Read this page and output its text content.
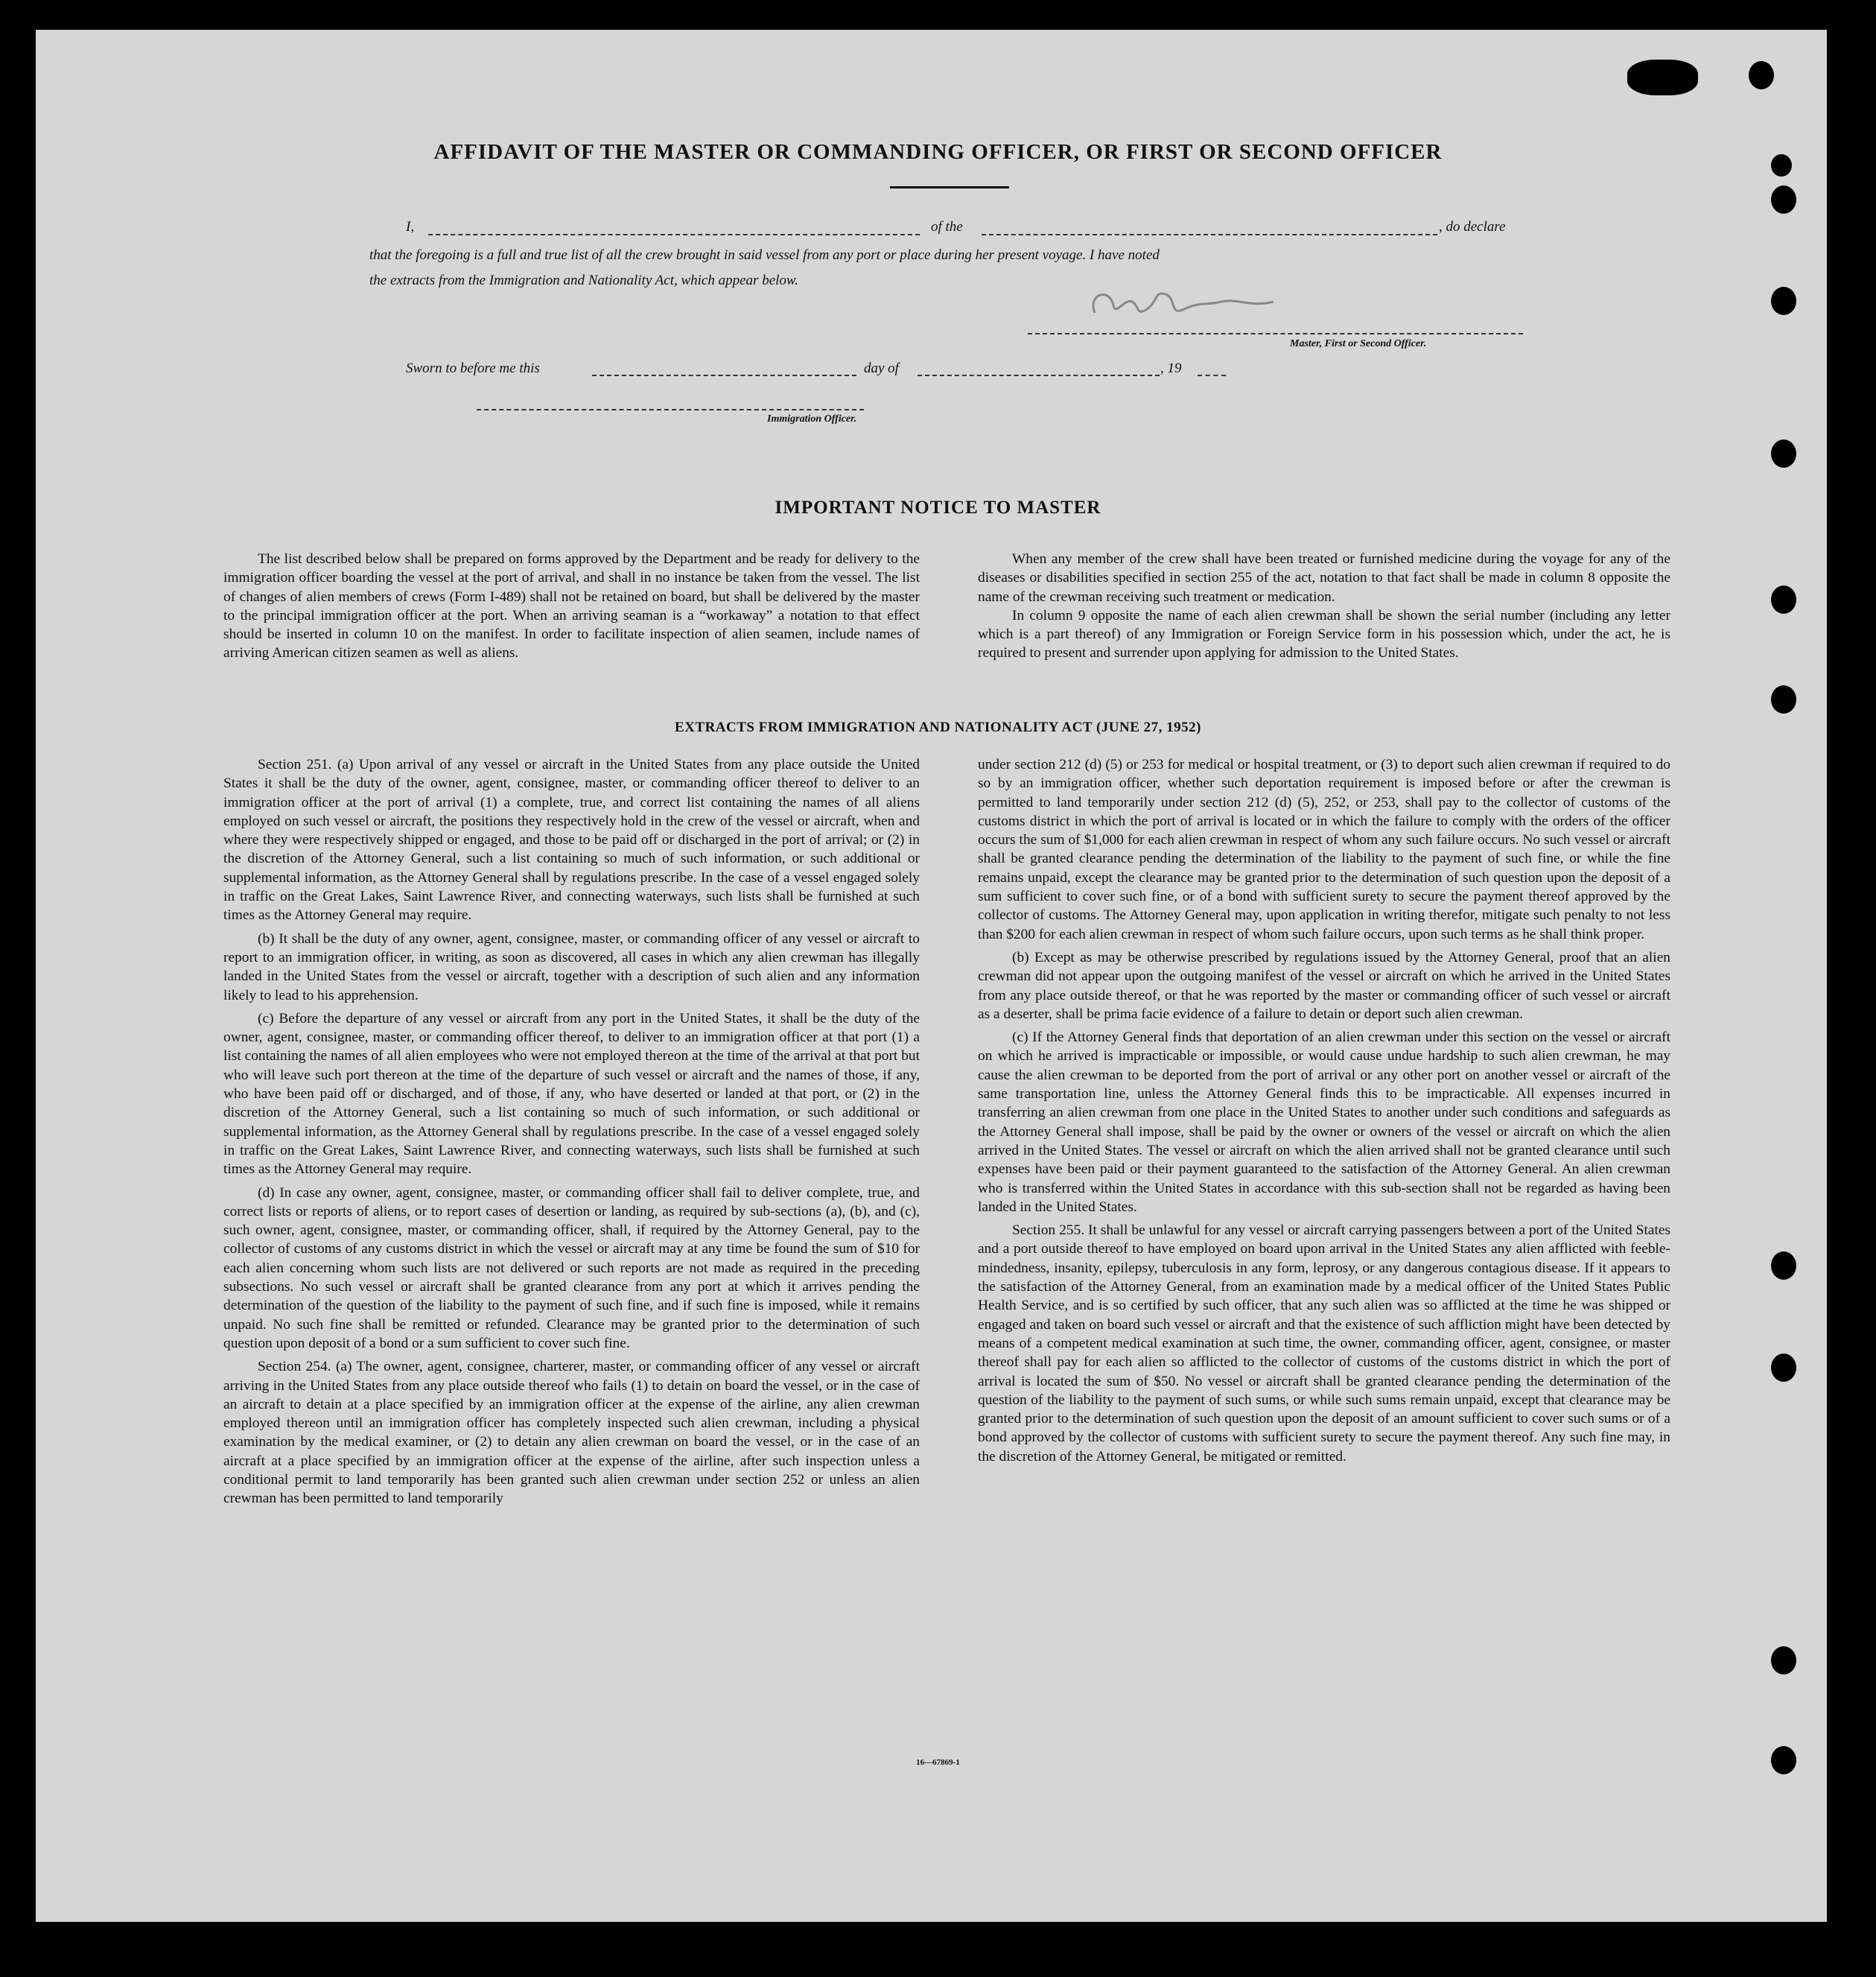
AFFIDAVIT OF THE MASTER OR COMMANDING OFFICER, OR FIRST OR SECOND OFFICER
I,	of the	, do declare
that the foregoing is a full and true list of all the crew brought in said vessel from any port or place during her present voyage. I have noted
the extracts from the Immigration and Nationality Act, which appear below.
Master, First or Second Officer.
Sworn to before me this	day of	, 19
Immigration Officer.
IMPORTANT NOTICE TO MASTER

The list described below shall be prepared on forms approved by the Department and be ready for delivery to the immigration officer boarding the vessel at the port of arrival, and shall in no instance be taken from the vessel. The list of changes of alien members of crews (Form I-489) shall not be retained on board, but shall be delivered by the master to the principal immigration officer at the port. When an arriving seaman is a “workaway” a notation to that effect should be inserted in column 10 on the manifest. In order to facilitate inspection of alien seamen, include names of arriving American citizen seamen as well as aliens.

When any member of the crew shall have been treated or furnished medicine during the voyage for any of the diseases or disabilities specified in section 255 of the act, notation to that fact shall be made in column 8 opposite the name of the crewman receiving such treatment or medication.

In column 9 opposite the name of each alien crewman shall be shown the serial number (including any letter which is a part thereof) of any Immigration or Foreign Service form in his possession which, under the act, he is required to present and surrender upon applying for admission to the United States.

EXTRACTS FROM IMMIGRATION AND NATIONALITY ACT (JUNE 27, 1952)

Section 251. (a) Upon arrival of any vessel or aircraft in the United States from any place outside the United States it shall be the duty of the owner, agent, consignee, master, or commanding officer thereof to deliver to an immigration officer at the port of arrival (1) a complete, true, and correct list containing the names of all aliens employed on such vessel or aircraft, the positions they respectively hold in the crew of the vessel or aircraft, when and where they were respectively shipped or engaged, and those to be paid off or discharged in the port of arrival; or (2) in the discretion of the Attorney General, such a list containing so much of such information, or such additional or supplemental information, as the Attorney General shall by regulations prescribe. In the case of a vessel engaged solely in traffic on the Great Lakes, Saint Lawrence River, and connecting waterways, such lists shall be furnished at such times as the Attorney General may require.

(b) It shall be the duty of any owner, agent, consignee, master, or commanding officer of any vessel or aircraft to report to an immigration officer, in writing, as soon as discovered, all cases in which any alien crewman has illegally landed in the United States from the vessel or aircraft, together with a description of such alien and any information likely to lead to his apprehension.

(c) Before the departure of any vessel or aircraft from any port in the United States, it shall be the duty of the owner, agent, consignee, master, or commanding officer thereof, to deliver to an immigration officer at that port (1) a list containing the names of all alien employees who were not employed thereon at the time of the arrival at that port but who will leave such port thereon at the time of the departure of such vessel or aircraft and the names of those, if any, who have been paid off or discharged, and of those, if any, who have deserted or landed at that port, or (2) in the discretion of the Attorney General, such a list containing so much of such information, or such additional or supplemental information, as the Attorney General shall by regulations prescribe. In the case of a vessel engaged solely in traffic on the Great Lakes, Saint Lawrence River, and connecting waterways, such lists shall be furnished at such times as the Attorney General may require.

(d) In case any owner, agent, consignee, master, or commanding officer shall fail to deliver complete, true, and correct lists or reports of aliens, or to report cases of desertion or landing, as required by sub-sections (a), (b), and (c), such owner, agent, consignee, master, or commanding officer, shall, if required by the Attorney General, pay to the collector of customs of any customs district in which the vessel or aircraft may at any time be found the sum of $10 for each alien concerning whom such lists are not delivered or such reports are not made as required in the preceding subsections. No such vessel or aircraft shall be granted clearance from any port at which it arrives pending the determination of the question of the liability to the payment of such fine, and if such fine is imposed, while it remains unpaid. No such fine shall be remitted or refunded. Clearance may be granted prior to the determination of such question upon deposit of a bond or a sum sufficient to cover such fine.

Section 254. (a) The owner, agent, consignee, charterer, master, or commanding officer of any vessel or aircraft arriving in the United States from any place outside thereof who fails (1) to detain on board the vessel, or in the case of an aircraft to detain at a place specified by an immigration officer at the expense of the airline, any alien crewman employed thereon until an immigration officer has completely inspected such alien crewman, including a physical examination by the medical examiner, or (2) to detain any alien crewman on board the vessel, or in the case of an aircraft at a place specified by an immigration officer at the expense of the airline, after such inspection unless a conditional permit to land temporarily has been granted such alien crewman under section 252 or unless an alien crewman has been permitted to land temporarily

under section 212 (d) (5) or 253 for medical or hospital treatment, or (3) to deport such alien crewman if required to do so by an immigration officer, whether such deportation requirement is imposed before or after the crewman is permitted to land temporarily under section 212 (d) (5), 252, or 253, shall pay to the collector of customs of the customs district in which the port of arrival is located or in which the failure to comply with the orders of the officer occurs the sum of $1,000 for each alien crewman in respect of whom any such failure occurs. No such vessel or aircraft shall be granted clearance pending the determination of the liability to the payment of such fine, or while the fine remains unpaid, except the clearance may be granted prior to the determination of such question upon the deposit of a sum sufficient to cover such fine, or of a bond with sufficient surety to secure the payment thereof approved by the collector of customs. The Attorney General may, upon application in writing therefor, mitigate such penalty to not less than $200 for each alien crewman in respect of whom such failure occurs, upon such terms as he shall think proper.

(b) Except as may be otherwise prescribed by regulations issued by the Attorney General, proof that an alien crewman did not appear upon the outgoing manifest of the vessel or aircraft on which he arrived in the United States from any place outside thereof, or that he was reported by the master or commanding officer of such vessel or aircraft as a deserter, shall be prima facie evidence of a failure to detain or deport such alien crewman.

(c) If the Attorney General finds that deportation of an alien crewman under this section on the vessel or aircraft on which he arrived is impracticable or impossible, or would cause undue hardship to such alien crewman, he may cause the alien crewman to be deported from the port of arrival or any other port on another vessel or aircraft of the same transportation line, unless the Attorney General finds this to be impracticable. All expenses incurred in transferring an alien crewman from one place in the United States to another under such conditions and safeguards as the Attorney General shall impose, shall be paid by the owner or owners of the vessel or aircraft on which the alien arrived in the United States. The vessel or aircraft on which the alien arrived shall not be granted clearance until such expenses have been paid or their payment guaranteed to the satisfaction of the Attorney General. An alien crewman who is transferred within the United States in accordance with this sub-section shall not be regarded as having been landed in the United States.

Section 255. It shall be unlawful for any vessel or aircraft carrying passengers between a port of the United States and a port outside thereof to have employed on board upon arrival in the United States any alien afflicted with feeble-mindedness, insanity, epilepsy, tuberculosis in any form, leprosy, or any dangerous contagious disease. If it appears to the satisfaction of the Attorney General, from an examination made by a medical officer of the United States Public Health Service, and is so certified by such officer, that any such alien was so afflicted at the time he was shipped or engaged and taken on board such vessel or aircraft and that the existence of such affliction might have been detected by means of a competent medical examination at such time, the owner, commanding officer, agent, consignee, or master thereof shall pay for each alien so afflicted to the collector of customs of the customs district in which the port of arrival is located the sum of $50. No vessel or aircraft shall be granted clearance pending the determination of the question of the liability to the payment of such sums, or while such sums remain unpaid, except that clearance may be granted prior to the determination of such question upon the deposit of an amount sufficient to cover such sums or of a bond approved by the collector of customs with sufficient surety to secure the payment thereof. Any such fine may, in the discretion of the Attorney General, be mitigated or remitted.

16—67869-1
